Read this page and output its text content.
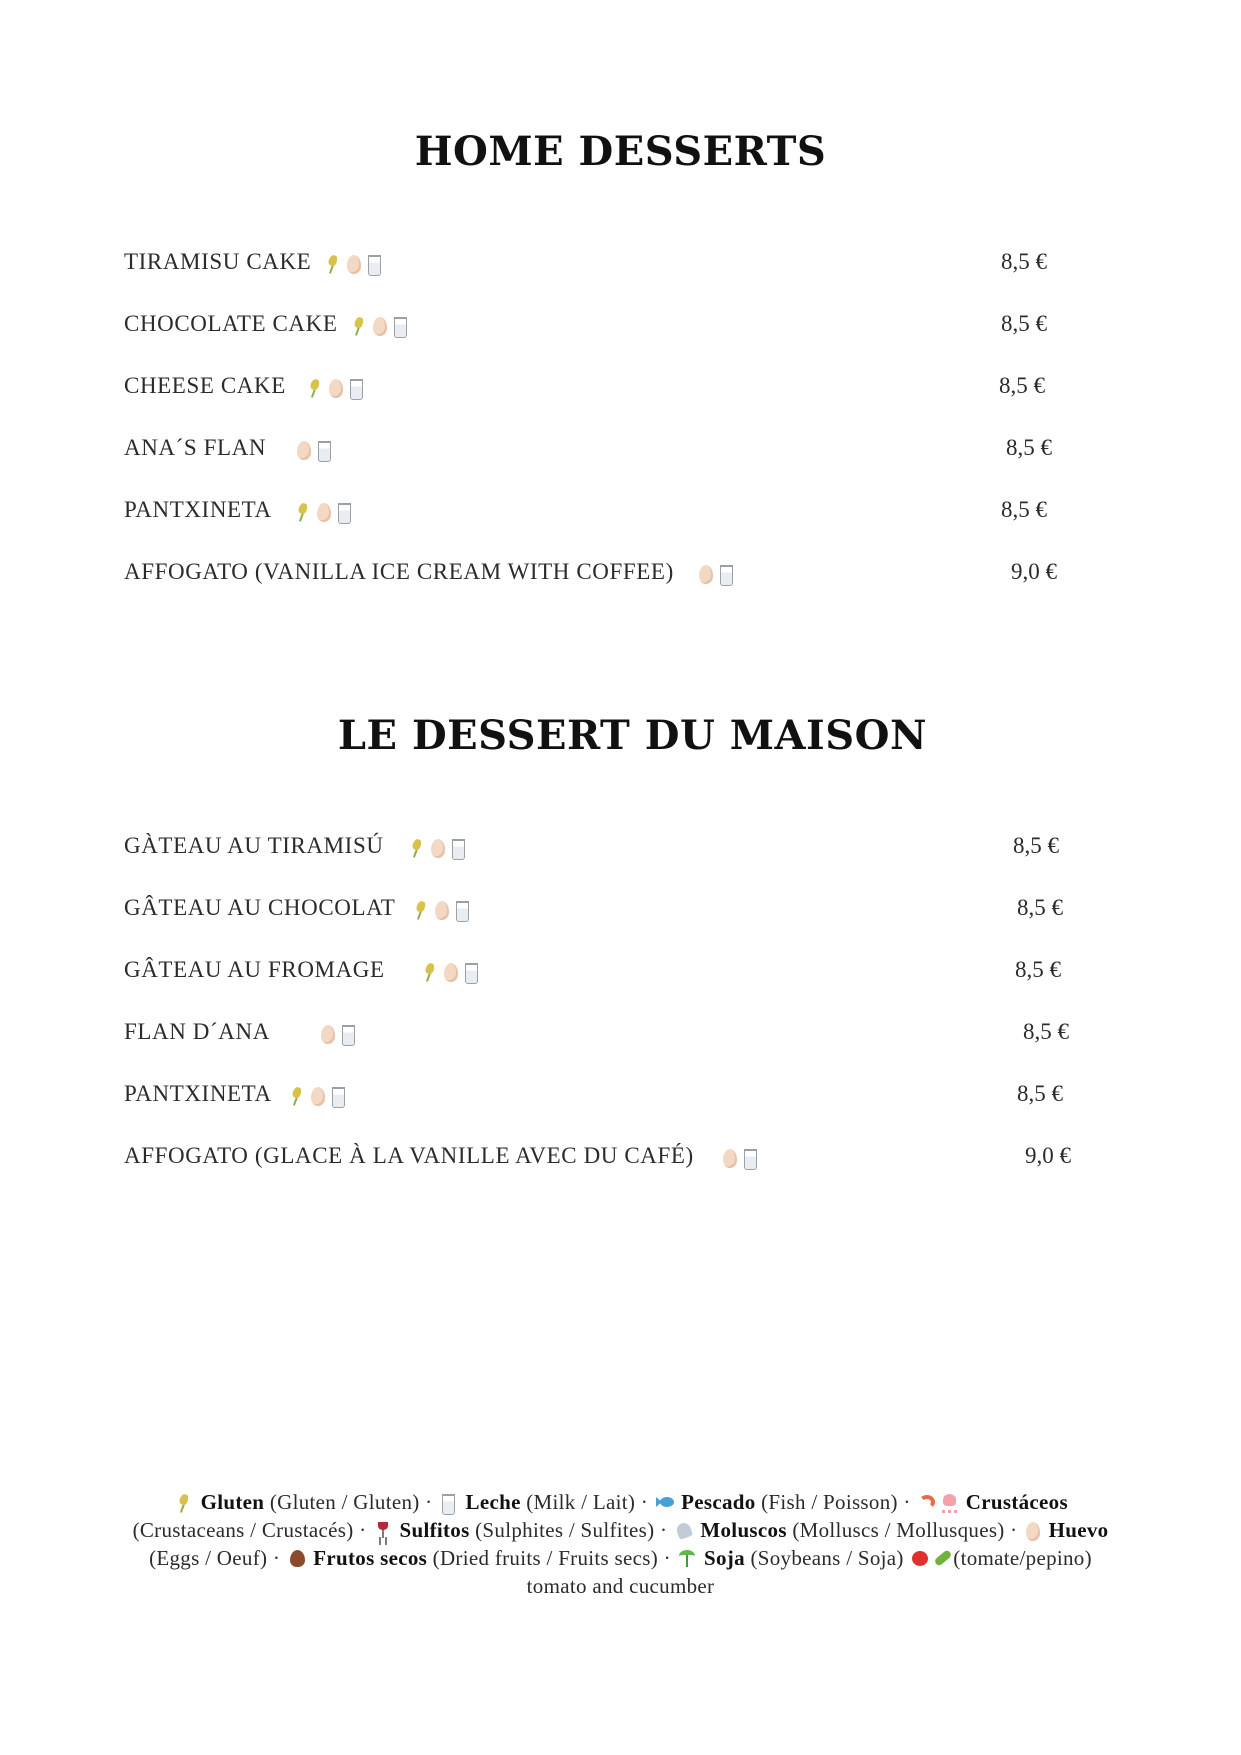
HOME DESSERTS
TIRAMISU CAKE	8,5 €
CHOCOLATE CAKE	8,5 €
CHEESE CAKE	8,5 €
ANA´S FLAN	8,5 €
PANTXINETA	8,5 €
AFFOGATO (VANILLA ICE CREAM WITH COFFEE)	9,0 €
LE DESSERT DU MAISON
GÀTEAU AU TIRAMISÚ	8,5 €
GÂTEAU AU CHOCOLAT	8,5 €
GÂTEAU AU FROMAGE	8,5 €
FLAN D´ANA	8,5 €
PANTXINETA	8,5 €
AFFOGATO (GLACE À LA VANILLE AVEC DU CAFÉ)	9,0 €
Gluten (Gluten / Gluten) · Leche (Milk / Lait) · Pescado (Fish / Poisson) ·	Crustáceos (Crustaceans / Crustacés) · Sulfitos (Sulphites / Sulfites) · Moluscos (Molluscs / Mollusques) · Huevo (Eggs / Oeuf) · Frutos secos (Dried fruits / Fruits secs) · Soja (Soybeans / Soja) (tomate/pepino) tomato and cucumber
